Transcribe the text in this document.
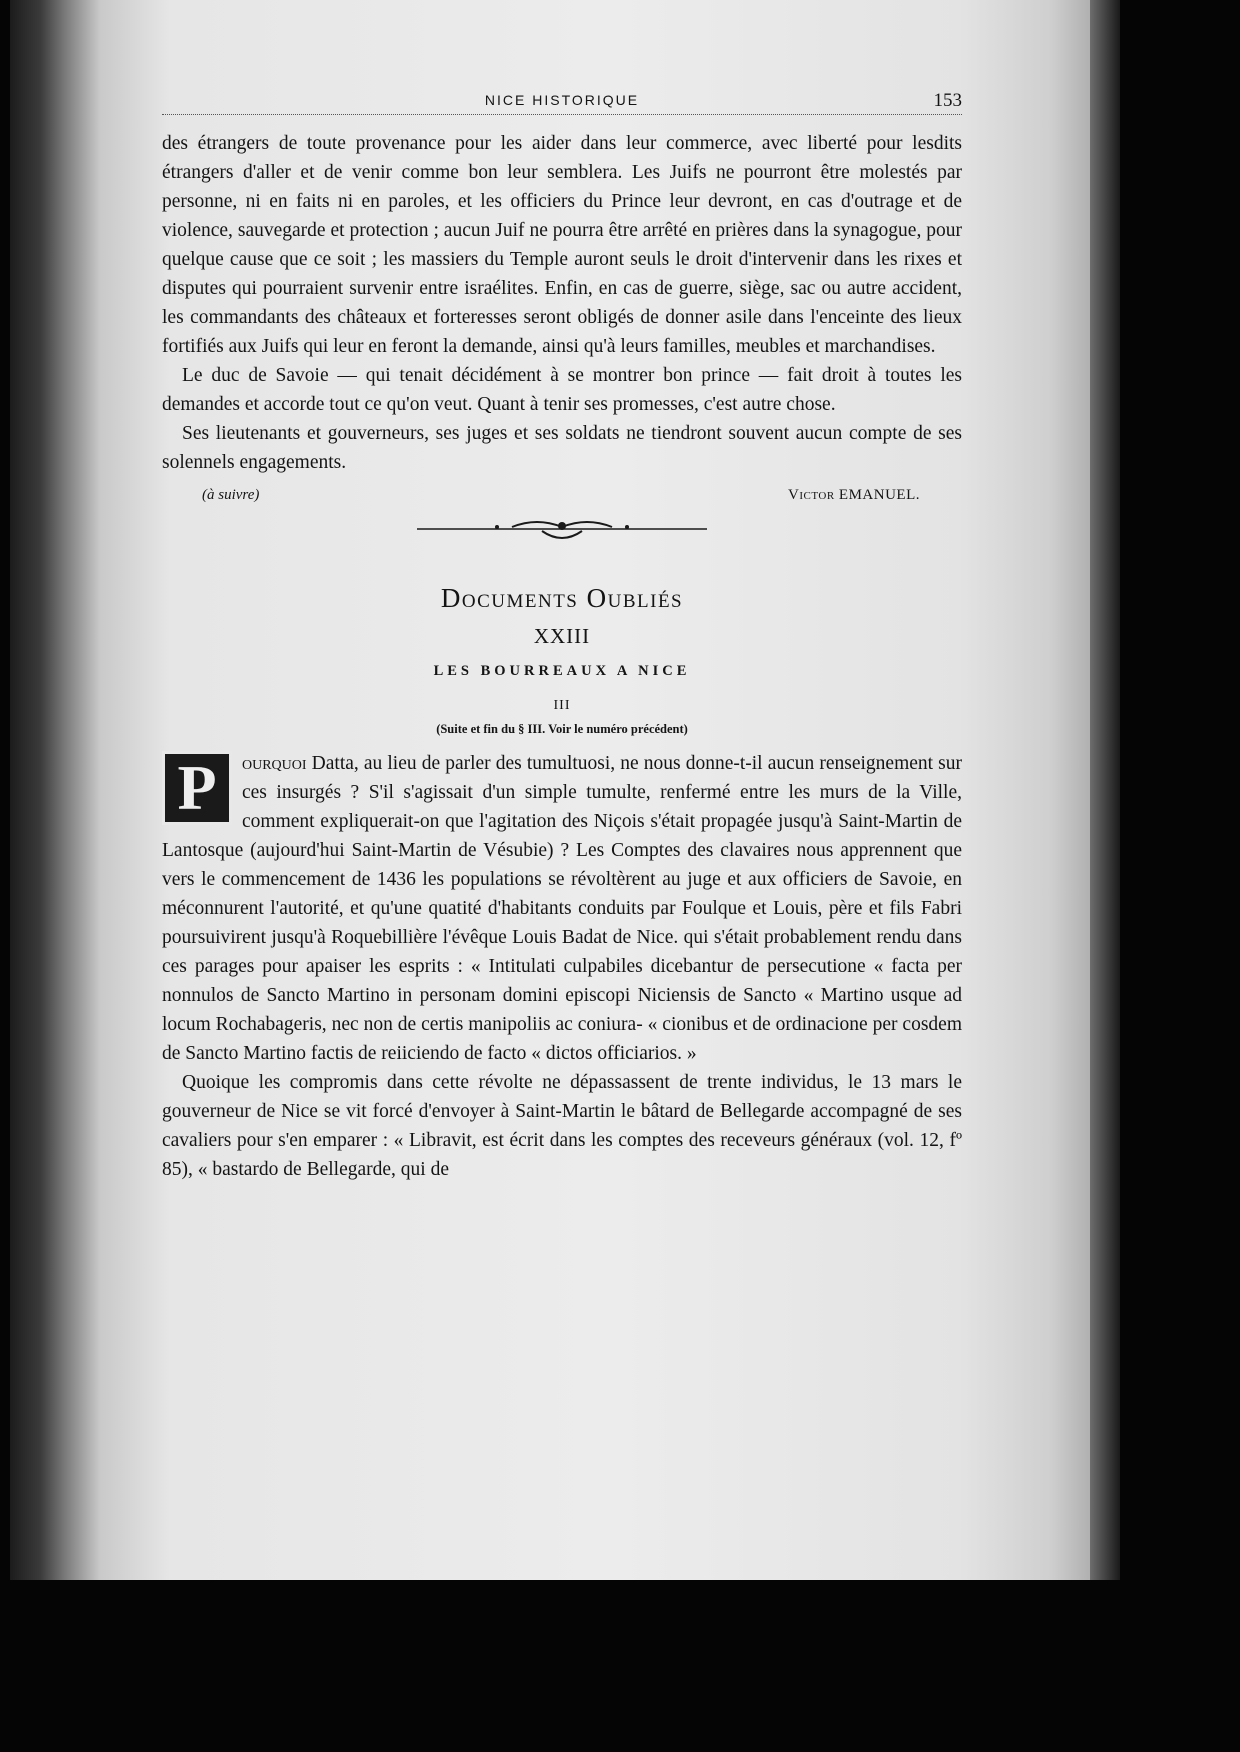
NICE HISTORIQUE	153

des étrangers de toute provenance pour les aider dans leur commerce, avec liberté pour lesdits étrangers d'aller et de venir comme bon leur semblera. Les Juifs ne pourront être molestés par personne, ni en faits ni en paroles, et les officiers du Prince leur devront, en cas d'outrage et de violence, sauvegarde et protection ; aucun Juif ne pourra être arrêté en prières dans la synagogue, pour quelque cause que ce soit ; les massiers du Temple auront seuls le droit d'intervenir dans les rixes et disputes qui pourraient survenir entre israélites. Enfin, en cas de guerre, siège, sac ou autre accident, les commandants des châteaux et forteresses seront obligés de donner asile dans l'enceinte des lieux fortifiés aux Juifs qui leur en feront la demande, ainsi qu'à leurs familles, meubles et marchandises.

Le duc de Savoie — qui tenait décidément à se montrer bon prince — fait droit à toutes les demandes et accorde tout ce qu'on veut. Quant à tenir ses promesses, c'est autre chose.

Ses lieutenants et gouverneurs, ses juges et ses soldats ne tiendront souvent aucun compte de ses solennels engagements.

(à suivre)	Victor EMANUEL.
Documents Oubliés
XXIII
LES BOURREAUX A NICE
III
(Suite et fin du § III. Voir le numéro précédent)
P	ourquoi Datta, au lieu de parler des tumultuosi, ne nous donne-t-il aucun renseignement sur ces insurgés ? S'il s'agissait d'un simple tumulte, renfermé entre les murs de la Ville, comment expliquerait-on que l'agitation des Niçois s'était propagée jusqu'à Saint-Martin de Lantosque (aujourd'hui Saint-Martin de Vésubie) ? Les Comptes des clavaires nous apprennent que vers le commencement de 1436 les populations se révoltèrent au juge et aux officiers de Savoie, en méconnurent l'autorité, et qu'une quatité d'habitants conduits par Foulque et Louis, père et fils Fabri poursuivirent jusqu'à Roquebillière l'évêque Louis Badat de Nice. qui s'était probablement rendu dans ces parages pour apaiser les esprits : « Intitulati culpabiles dicebantur de persecutione « facta per nonnulos de Sancto Martino in personam domini episcopi Niciensis de Sancto « Martino usque ad locum Rochabageris, nec non de certis manipoliis ac coniura- « cionibus et de ordinacione per cosdem de Sancto Martino factis de reiiciendo de facto « dictos officiarios. »

Quoique les compromis dans cette révolte ne dépassassent de trente individus, le 13 mars le gouverneur de Nice se vit forcé d'envoyer à Saint-Martin le bâtard de Bellegarde accompagné de ses cavaliers pour s'en emparer : « Libravit, est écrit dans les comptes des receveurs généraux (vol. 12, fº 85), « bastardo de Bellegarde, qui de
